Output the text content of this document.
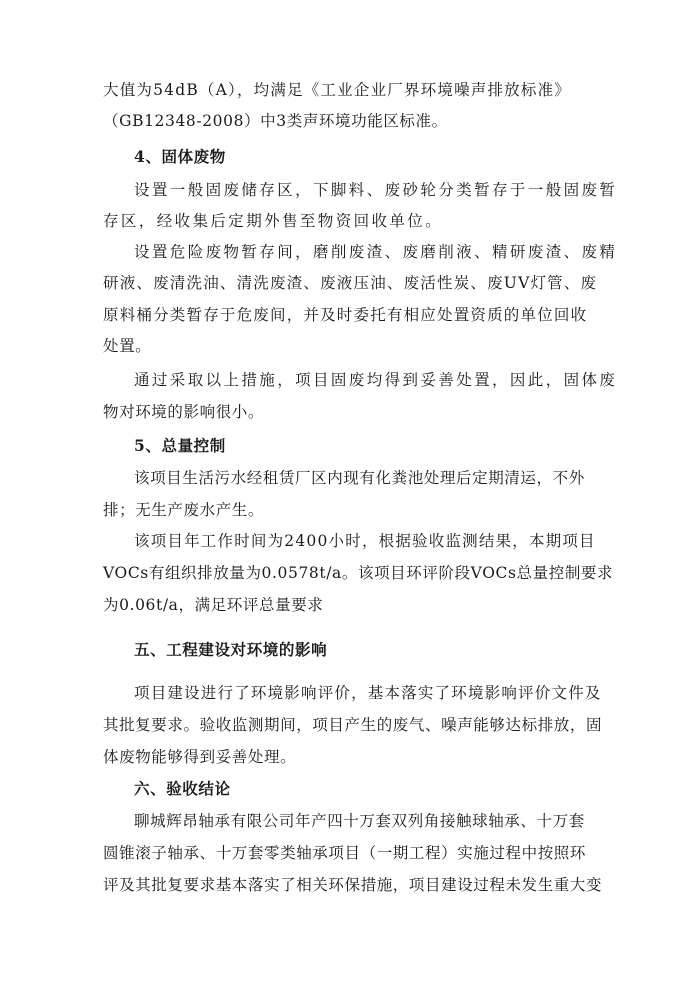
大值为54dB（A），均满足《工业企业厂界环境噪声排放标准》
（GB12348-2008）中3类声环境功能区标准。
4、固体废物
设置一般固废储存区，下脚料、废砂轮分类暂存于一般固废暂
存区，经收集后定期外售至物资回收单位。
设置危险废物暂存间，磨削废渣、废磨削液、精研废渣、废精
研液、废清洗油、清洗废渣、废液压油、废活性炭、废UV灯管、废
原料桶分类暂存于危废间，并及时委托有相应处置资质的单位回收
处置。
通过采取以上措施，项目固废均得到妥善处置，因此，固体废
物对环境的影响很小。
5、总量控制
该项目生活污水经租赁厂区内现有化粪池处理后定期清运，不外
排；无生产废水产生。
该项目年工作时间为2400小时，根据验收监测结果，本期项目
VOCs有组织排放量为0.0578t/a。该项目环评阶段VOCs总量控制要求
为0.06t/a，满足环评总量要求
五、工程建设对环境的影响
项目建设进行了环境影响评价，基本落实了环境影响评价文件及
其批复要求。验收监测期间，项目产生的废气、噪声能够达标排放，固
体废物能够得到妥善处理。
六、验收结论
聊城辉昂轴承有限公司年产四十万套双列角接触球轴承、十万套
圆锥滚子轴承、十万套零类轴承项目（一期工程）实施过程中按照环
评及其批复要求基本落实了相关环保措施，项目建设过程未发生重大变
